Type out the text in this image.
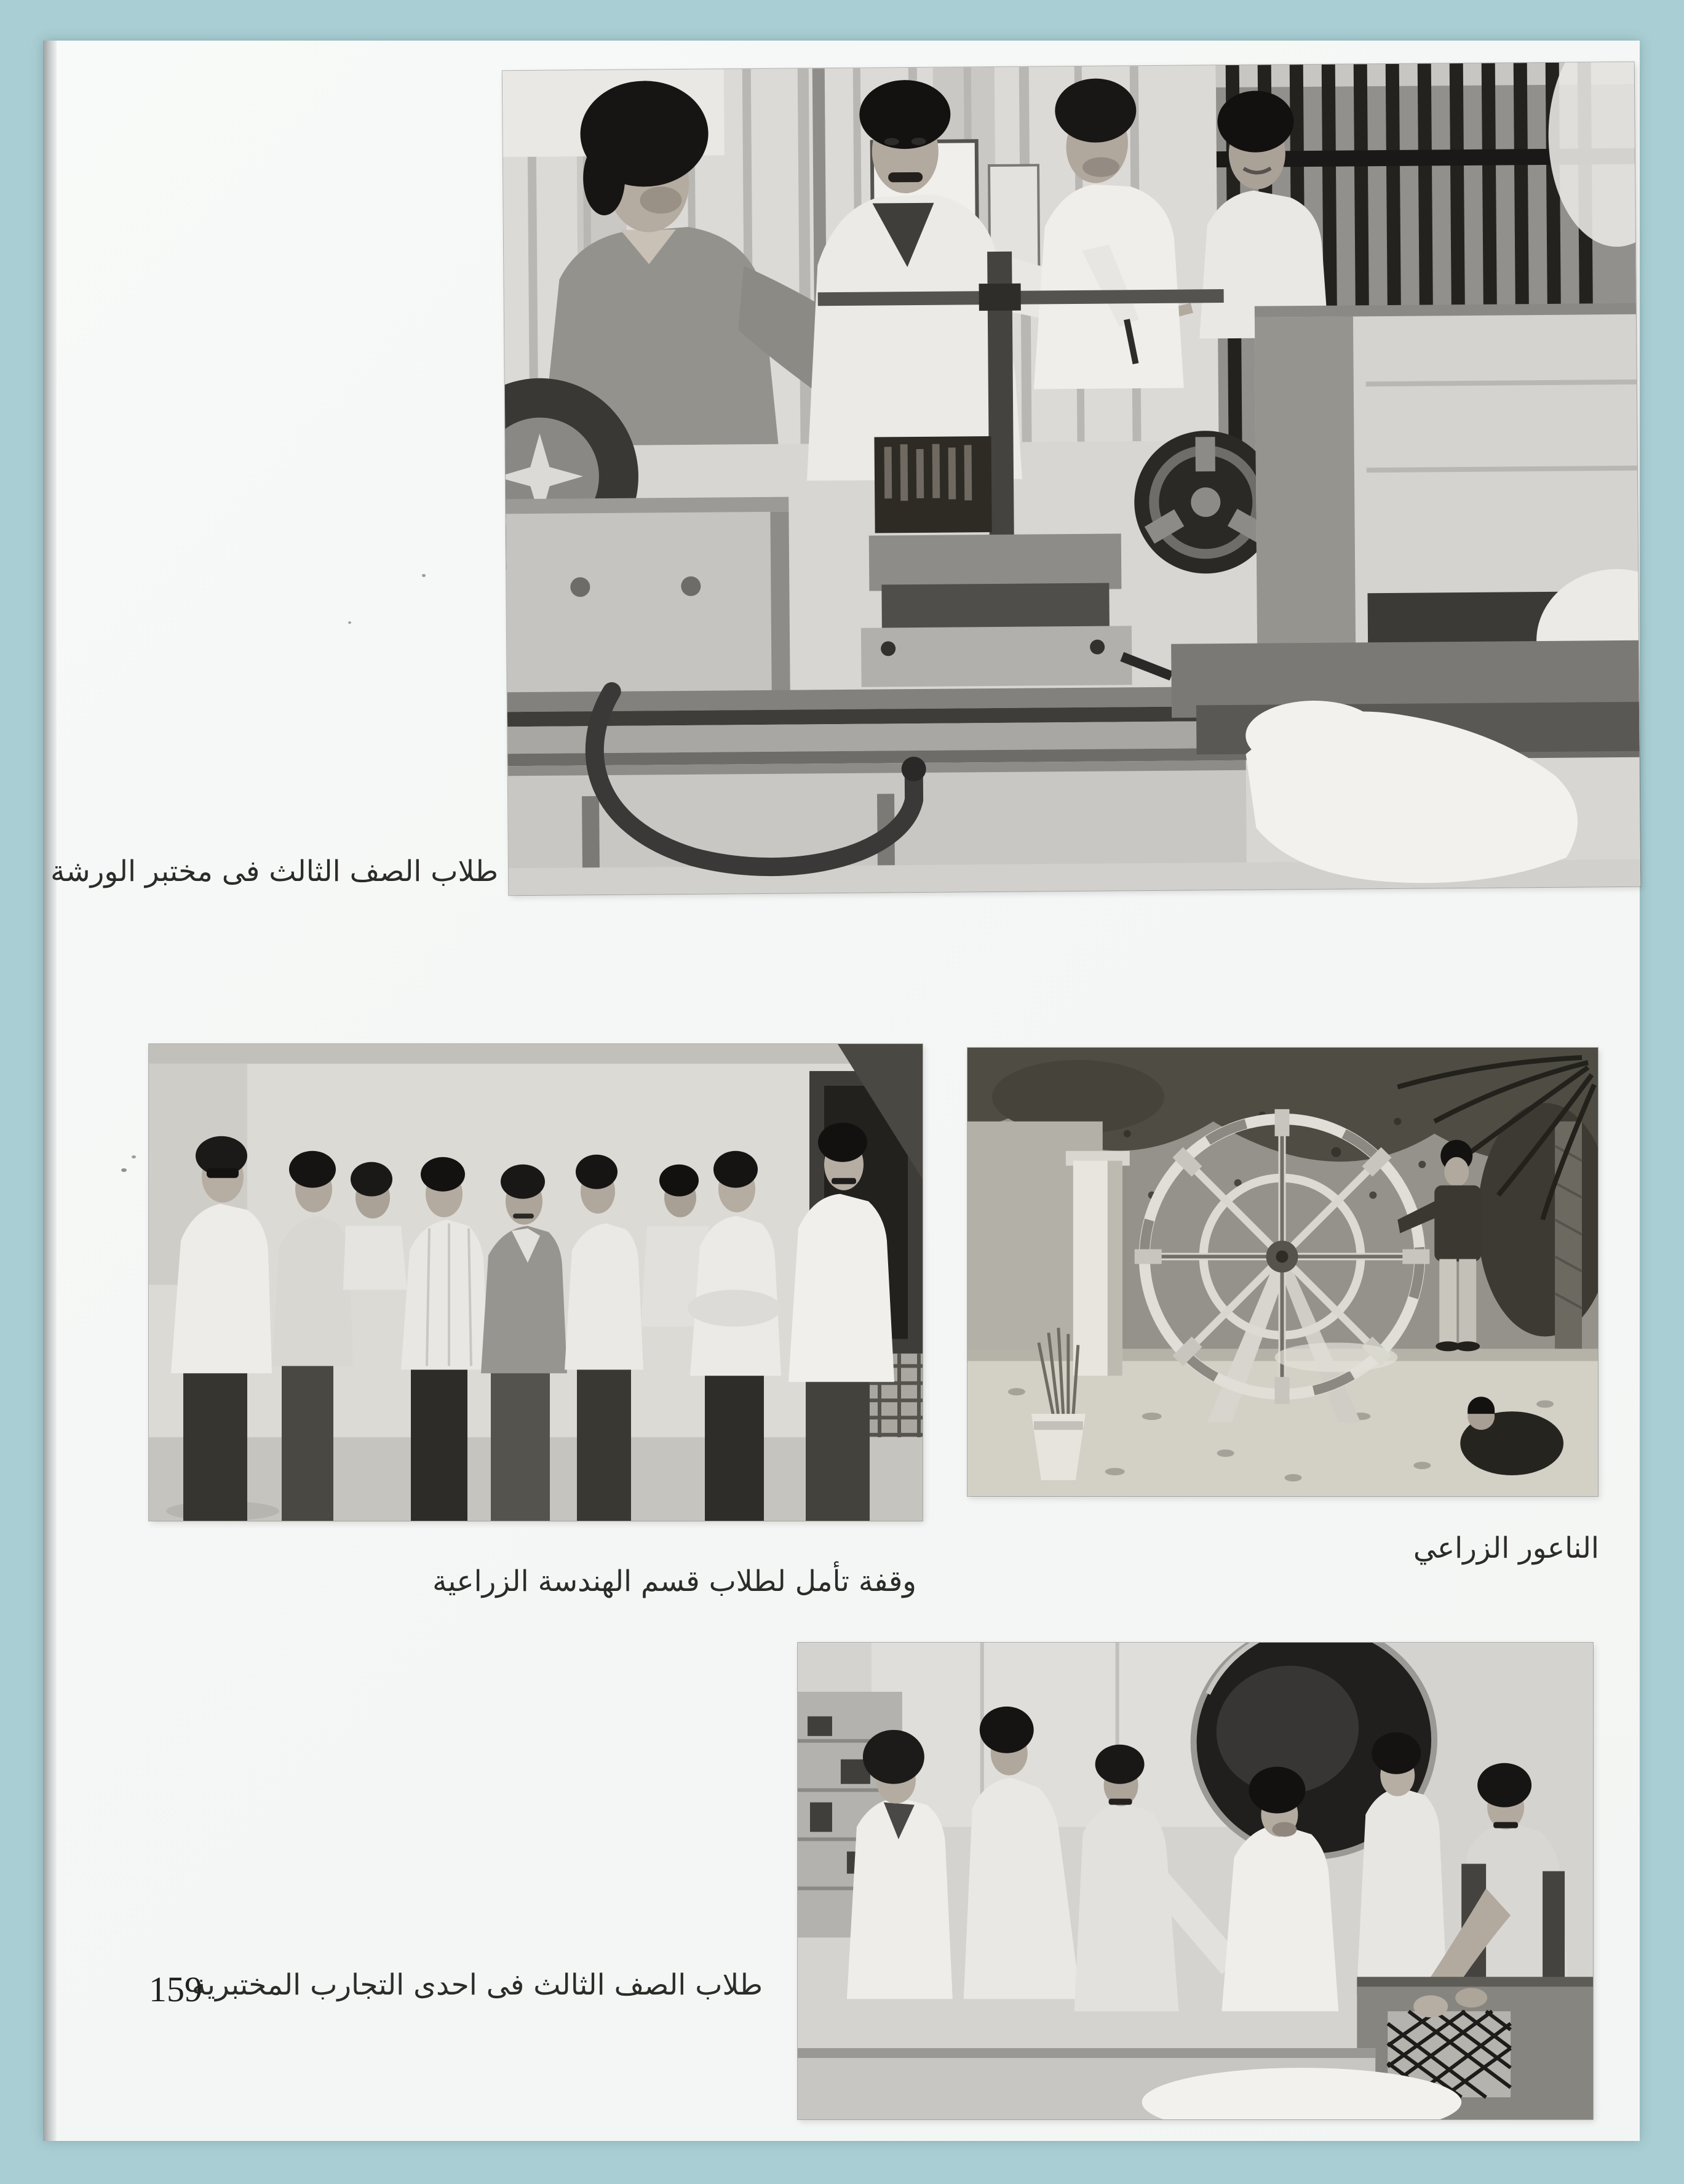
طلاب الصف الثالث فى مختبر الورشة
وقفة تأمل لطلاب قسم الهندسة الزراعية
الناعور الزراعي
طلاب الصف الثالث فى احدى التجارب المختبرية
159
